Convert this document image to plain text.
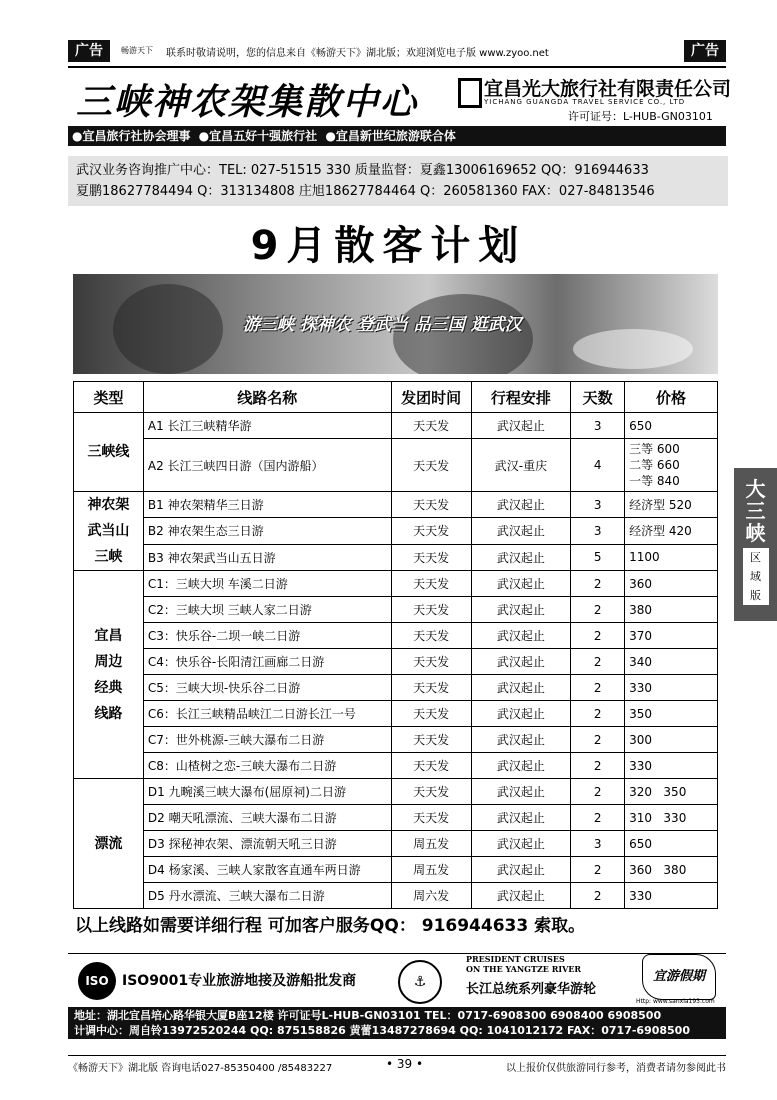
广告	畅游天下 联系时敬请说明，您的信息来自《畅游天下》湖北版；欢迎浏览电子版 www.zyoo.net	广告
三峡神农架集散中心	宜昌光大旅行社有限责任公司
YICHANG GUANGDA TRAVEL SERVICE CO., LTD
许可证号：L-HUB-GN03101
●宜昌旅行社协会理事 ●宜昌五好十强旅行社 ●宜昌新世纪旅游联合体
武汉业务咨询推广中心：TEL: 027-51515 330 质量监督：夏鑫13006169652 QQ：916944633
夏鹏18627784494 Q：313134808 庄旭18627784464 Q：260581360 FAX：027-84813546
9月散客计划
游三峡 探神农 登武当 品三国 逛武汉
类型	线路名称	发团时间	行程安排	天数	价格
三峡线	A1 长江三峡精华游	天天发	武汉起止	3	650
	A2 长江三峡四日游（国内游船）	天天发	武汉-重庆	4	三等 600
二等 660
一等 840

神农架
武当山
三峡	B1 神农架精华三日游	天天发	武汉起止	3	经济型 520
	B2 神农架生态三日游	天天发	武汉起止	3	经济型 420
	B3 神农架武当山五日游	天天发	武汉起止	5	1100

宜昌
周边
经典
线路	C1：三峡大坝 车溪二日游	天天发	武汉起止	2	360
	C2：三峡大坝 三峡人家二日游	天天发	武汉起止	2	380
	C3：快乐谷-二坝一峡二日游	天天发	武汉起止	2	370
	C4：快乐谷-长阳清江画廊二日游	天天发	武汉起止	2	340
	C5：三峡大坝-快乐谷二日游	天天发	武汉起止	2	330
	C6：长江三峡精品峡江二日游长江一号	天天发	武汉起止	2	350
	C7：世外桃源-三峡大瀑布二日游	天天发	武汉起止	2	300
	C8：山楂树之恋-三峡大瀑布二日游	天天发	武汉起止	2	330
漂流	D1 九畹溪三峡大瀑布(屈原祠)二日游	天天发	武汉起止	2	320   350
	D2 嘲天吼漂流、三峡大瀑布二日游	天天发	武汉起止	2	310   330
	D3 探秘神农架、漂流朝天吼三日游	周五发	武汉起止	3	650
	D4 杨家溪、三峡人家散客直通车两日游	周五发	武汉起止	2	360   380
	D5 丹水漂流、三峡大瀑布二日游	周六发	武汉起止	2	330
以上线路如需要详细行程 可加客户服务QQ： 916944633 索取。
ISO ISO9001专业旅游地接及游船批发商	⚓
PRESIDENT CRUISES
ON THE YANGTZE RIVER
长江总统系列豪华游轮
宜游假期
Http: www.sanxia193.com
地址：湖北宜昌培心路华银大厦B座12楼 许可证号L-HUB-GN03101 TEL：0717-6908300 6908400 6908500
计调中心：周自铃13972520244 QQ: 875158826 黄蕾13487278694 QQ: 1041012172 FAX：0717-6908500
《畅游天下》湖北版 咨询电话027-85350400 /85483227	• 39 •	以上报价仅供旅游同行参考，消费者请勿参阅此书
大三峡
区
域
版
